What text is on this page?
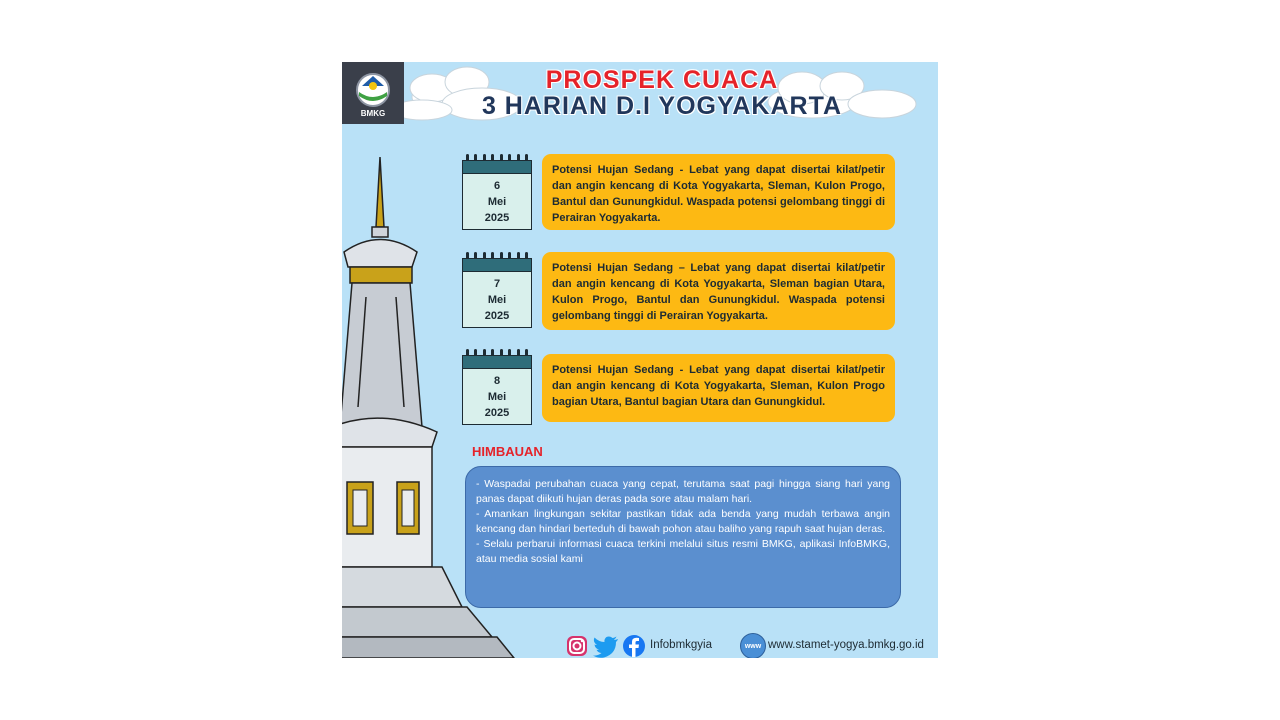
BMKG
PROSPEK CUACA
3 HARIAN D.I YOGYAKARTA
6
Mei
2025
Potensi Hujan Sedang - Lebat yang dapat disertai kilat/petir dan angin kencang di Kota Yogyakarta, Sleman, Kulon Progo, Bantul dan Gunungkidul. Waspada potensi gelombang tinggi di Perairan Yogyakarta.
7
Mei
2025
Potensi Hujan Sedang – Lebat yang dapat disertai kilat/petir dan angin kencang di Kota Yogyakarta, Sleman bagian Utara, Kulon Progo, Bantul dan Gunungkidul. Waspada potensi gelombang tinggi di Perairan Yogyakarta.
8
Mei
2025
Potensi Hujan Sedang - Lebat yang dapat disertai kilat/petir dan angin kencang di Kota Yogyakarta, Sleman, Kulon Progo bagian Utara, Bantul bagian Utara dan Gunungkidul.
HIMBAUAN

- Waspadai perubahan cuaca yang cepat, terutama saat pagi hingga siang hari yang panas dapat diikuti hujan deras pada sore atau malam hari.

- Amankan lingkungan sekitar pastikan tidak ada benda yang mudah terbawa angin kencang dan hindari berteduh di bawah pohon atau baliho yang rapuh saat hujan deras.

- Selalu perbarui informasi cuaca terkini melalui situs resmi BMKG, aplikasi InfoBMKG, atau media sosial kami

Infobmkgyia	www www.stamet-yogya.bmkg.go.id
